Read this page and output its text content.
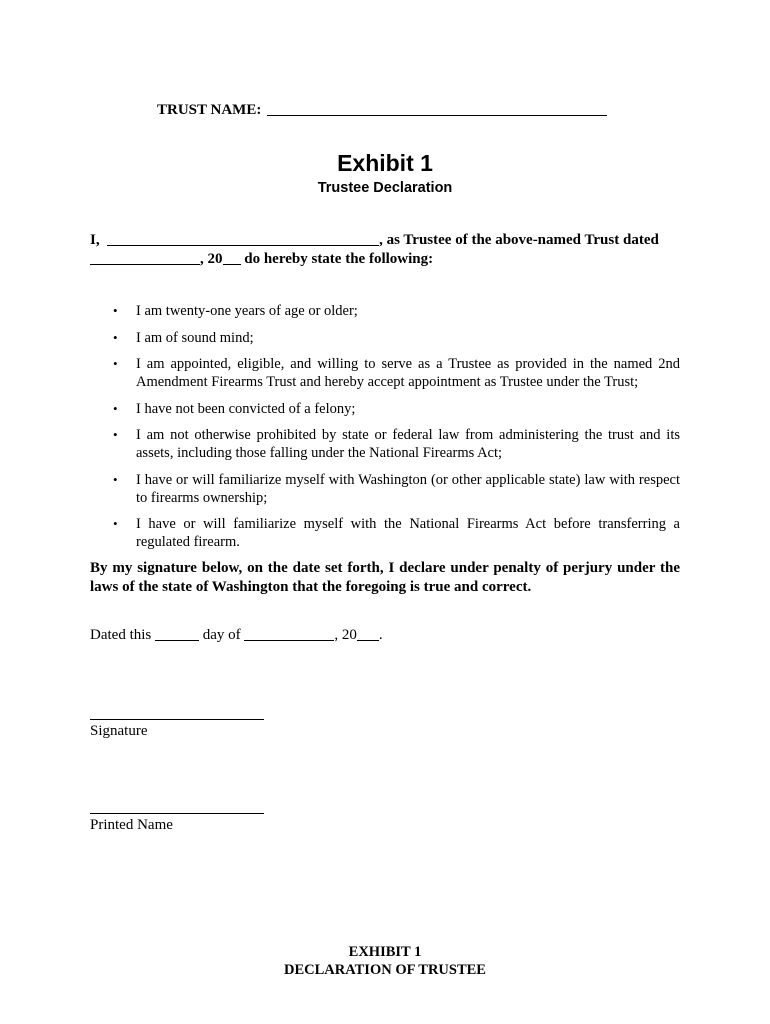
TRUST NAME:
Exhibit 1
Trustee Declaration
I,	, as Trustee of the above-named Trust dated
, 20 do hereby state the following:
• I am twenty-one years of age or older;
• I am of sound mind;
• I am appointed, eligible, and willing to serve as a Trustee as provided in the named 2nd Amendment Firearms Trust and hereby accept appointment as Trustee under the Trust;
• I have not been convicted of a felony;
• I am not otherwise prohibited by state or federal law from administering the trust and its assets, including those falling under the National Firearms Act;
• I have or will familiarize myself with Washington (or other applicable state) law with respect to firearms ownership;
• I have or will familiarize myself with the National Firearms Act before transferring a regulated firearm.
By my signature below, on the date set forth, I declare under penalty of perjury under the laws of the state of Washington that the foregoing is true and correct.
Dated this	day of	, 20 .
Signature
Printed Name
EXHIBIT 1
DECLARATION OF TRUSTEE
